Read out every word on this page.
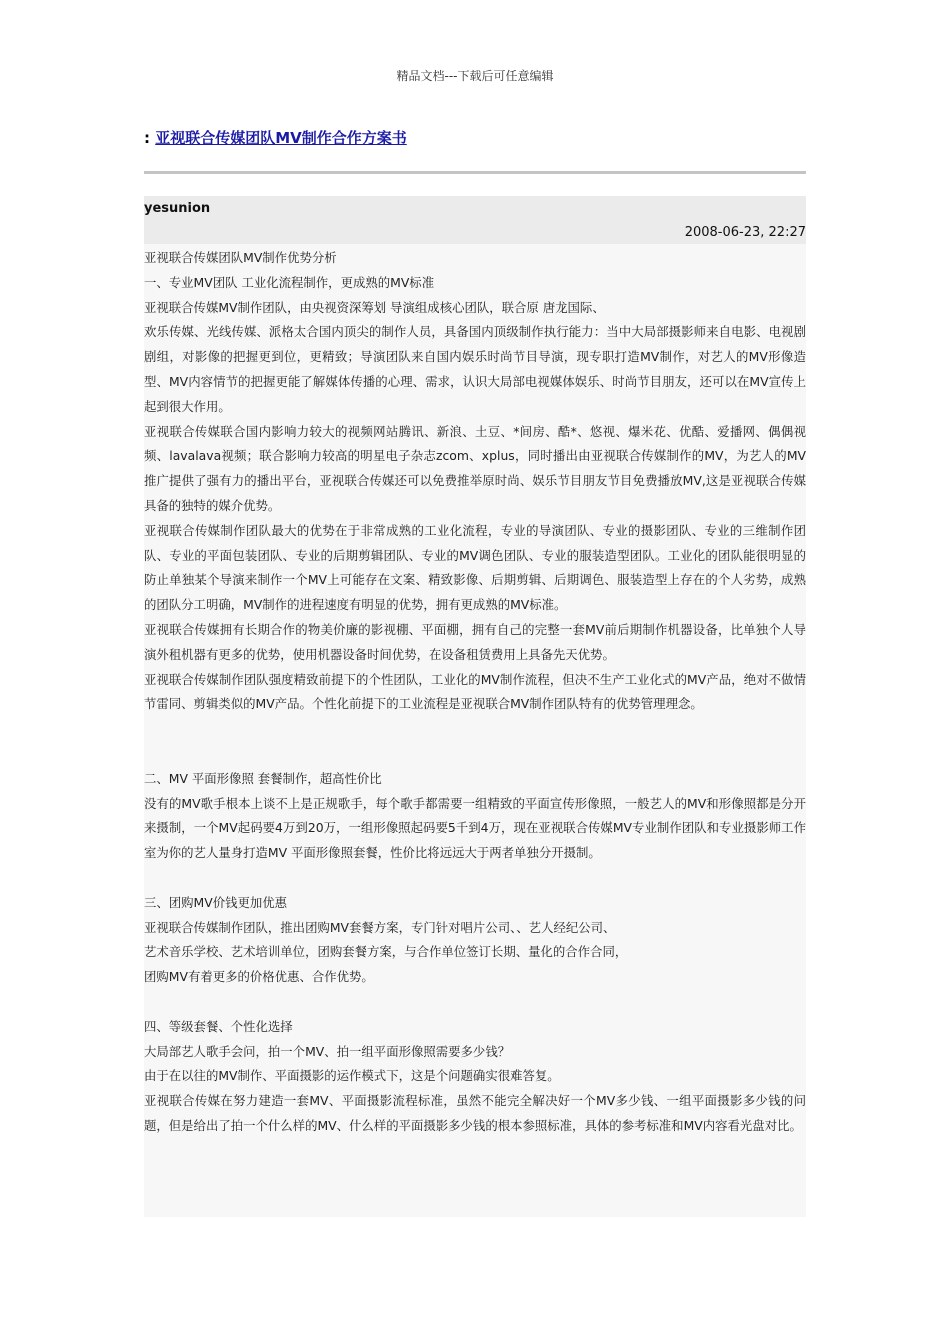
精品文档---下载后可任意编辑
: 亚视联合传媒团队MV制作合作方案书
yesunion
2008-06-23, 22:27

亚视联合传媒团队MV制作优势分析

一、专业MV团队 工业化流程制作，更成熟的MV标准

亚视联合传媒MV制作团队，由央视资深筹划 导演组成核心团队，联合原 唐龙国际、

欢乐传媒、光线传媒、派格太合国内顶尖的制作人员，具备国内顶级制作执行能力：当中大局部摄影师来自电影、电视剧剧组，对影像的把握更到位，更精致；导演团队来自国内娱乐时尚节目导演，现专职打造MV制作，对艺人的MV形像造型、MV内容情节的把握更能了解媒体传播的心理、需求，认识大局部电视媒体娱乐、时尚节目朋友，还可以在MV宣传上起到很大作用。

亚视联合传媒联合国内影响力较大的视频网站腾讯、新浪、土豆、*间房、酷*、悠视、爆米花、优酷、爱播网、偶偶视频、lavalava视频；联合影响力较高的明星电子杂志zcom、xplus，同时播出由亚视联合传媒制作的MV，为艺人的MV推广提供了强有力的播出平台，亚视联合传媒还可以免费推举原时尚、娱乐节目朋友节目免费播放MV,这是亚视联合传媒具备的独特的媒介优势。

亚视联合传媒制作团队最大的优势在于非常成熟的工业化流程，专业的导演团队、专业的摄影团队、专业的三维制作团队、专业的平面包装团队、专业的后期剪辑团队、专业的MV调色团队、专业的服装造型团队。工业化的团队能很明显的防止单独某个导演来制作一个MV上可能存在文案、精致影像、后期剪辑、后期调色、服装造型上存在的个人劣势，成熟的团队分工明确，MV制作的进程速度有明显的优势，拥有更成熟的MV标准。

亚视联合传媒拥有长期合作的物美价廉的影视棚、平面棚，拥有自己的完整一套MV前后期制作机器设备，比单独个人导演外租机器有更多的优势，使用机器设备时间优势，在设备租赁费用上具备先天优势。

亚视联合传媒制作团队强度精致前提下的个性团队，工业化的MV制作流程，但决不生产工业化式的MV产品，绝对不做情节雷同、剪辑类似的MV产品。个性化前提下的工业流程是亚视联合MV制作团队特有的优势管理理念。

二、MV 平面形像照 套餐制作，超高性价比

没有的MV歌手根本上谈不上是正规歌手，每个歌手都需要一组精致的平面宣传形像照，一般艺人的MV和形像照都是分开来摄制，一个MV起码要4万到20万，一组形像照起码要5千到4万，现在亚视联合传媒MV专业制作团队和专业摄影师工作室为你的艺人量身打造MV 平面形像照套餐，性价比将远远大于两者单独分开摄制。

三、团购MV价钱更加优惠

亚视联合传媒制作团队，推出团购MV套餐方案，专门针对唱片公司、、艺人经纪公司、

艺术音乐学校、艺术培训单位，团购套餐方案，与合作单位签订长期、量化的合作合同，

团购MV有着更多的价格优惠、合作优势。

四、等级套餐、个性化选择

大局部艺人歌手会问，拍一个MV、拍一组平面形像照需要多少钱？

由于在以往的MV制作、平面摄影的运作模式下，这是个问题确实很难答复。

亚视联合传媒在努力建造一套MV、平面摄影流程标准，虽然不能完全解决好一个MV多少钱、一组平面摄影多少钱的问题，但是给出了拍一个什么样的MV、什么样的平面摄影多少钱的根本参照标准，具体的参考标准和MV内容看光盘对比。
